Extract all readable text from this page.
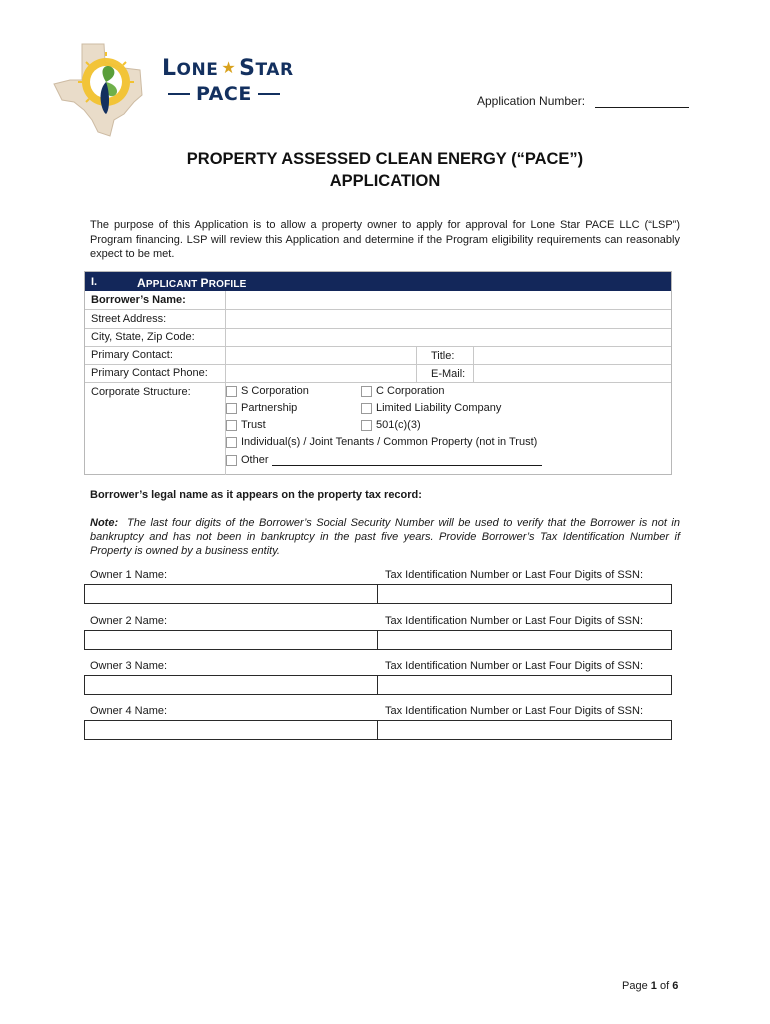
LONE ★ STAR
PACE	Application Number:
PROPERTY ASSESSED CLEAN ENERGY (“PACE”)
APPLICATION
The purpose of this Application is to allow a property owner to apply for approval for Lone Star PACE LLC (“LSP”) Program financing. LSP will review this Application and determine if the Program eligibility requirements can reasonably expect to be met.
I.	APPLICANT PROFILE
Borrower’s Name:
Street Address:
City, State, Zip Code:
Primary Contact:	Title:
Primary Contact Phone:	E-Mail:
Corporate Structure:	S Corporation	C Corporation
Partnership	Limited Liability Company
Trust	501(c)(3)
Individual(s) / Joint Tenants / Common Property (not in Trust)
Other
Borrower’s legal name as it appears on the property tax record:
Note: The last four digits of the Borrower’s Social Security Number will be used to verify that the Borrower is not in bankruptcy and has not been in bankruptcy in the past five years. Provide Borrower’s Tax Identification Number if Property is owned by a business entity.
Owner 1 Name:	Tax Identification Number or Last Four Digits of SSN:
Owner 2 Name:	Tax Identification Number or Last Four Digits of SSN:
Owner 3 Name:	Tax Identification Number or Last Four Digits of SSN:
Owner 4 Name:	Tax Identification Number or Last Four Digits of SSN:
Page 1 of 6
